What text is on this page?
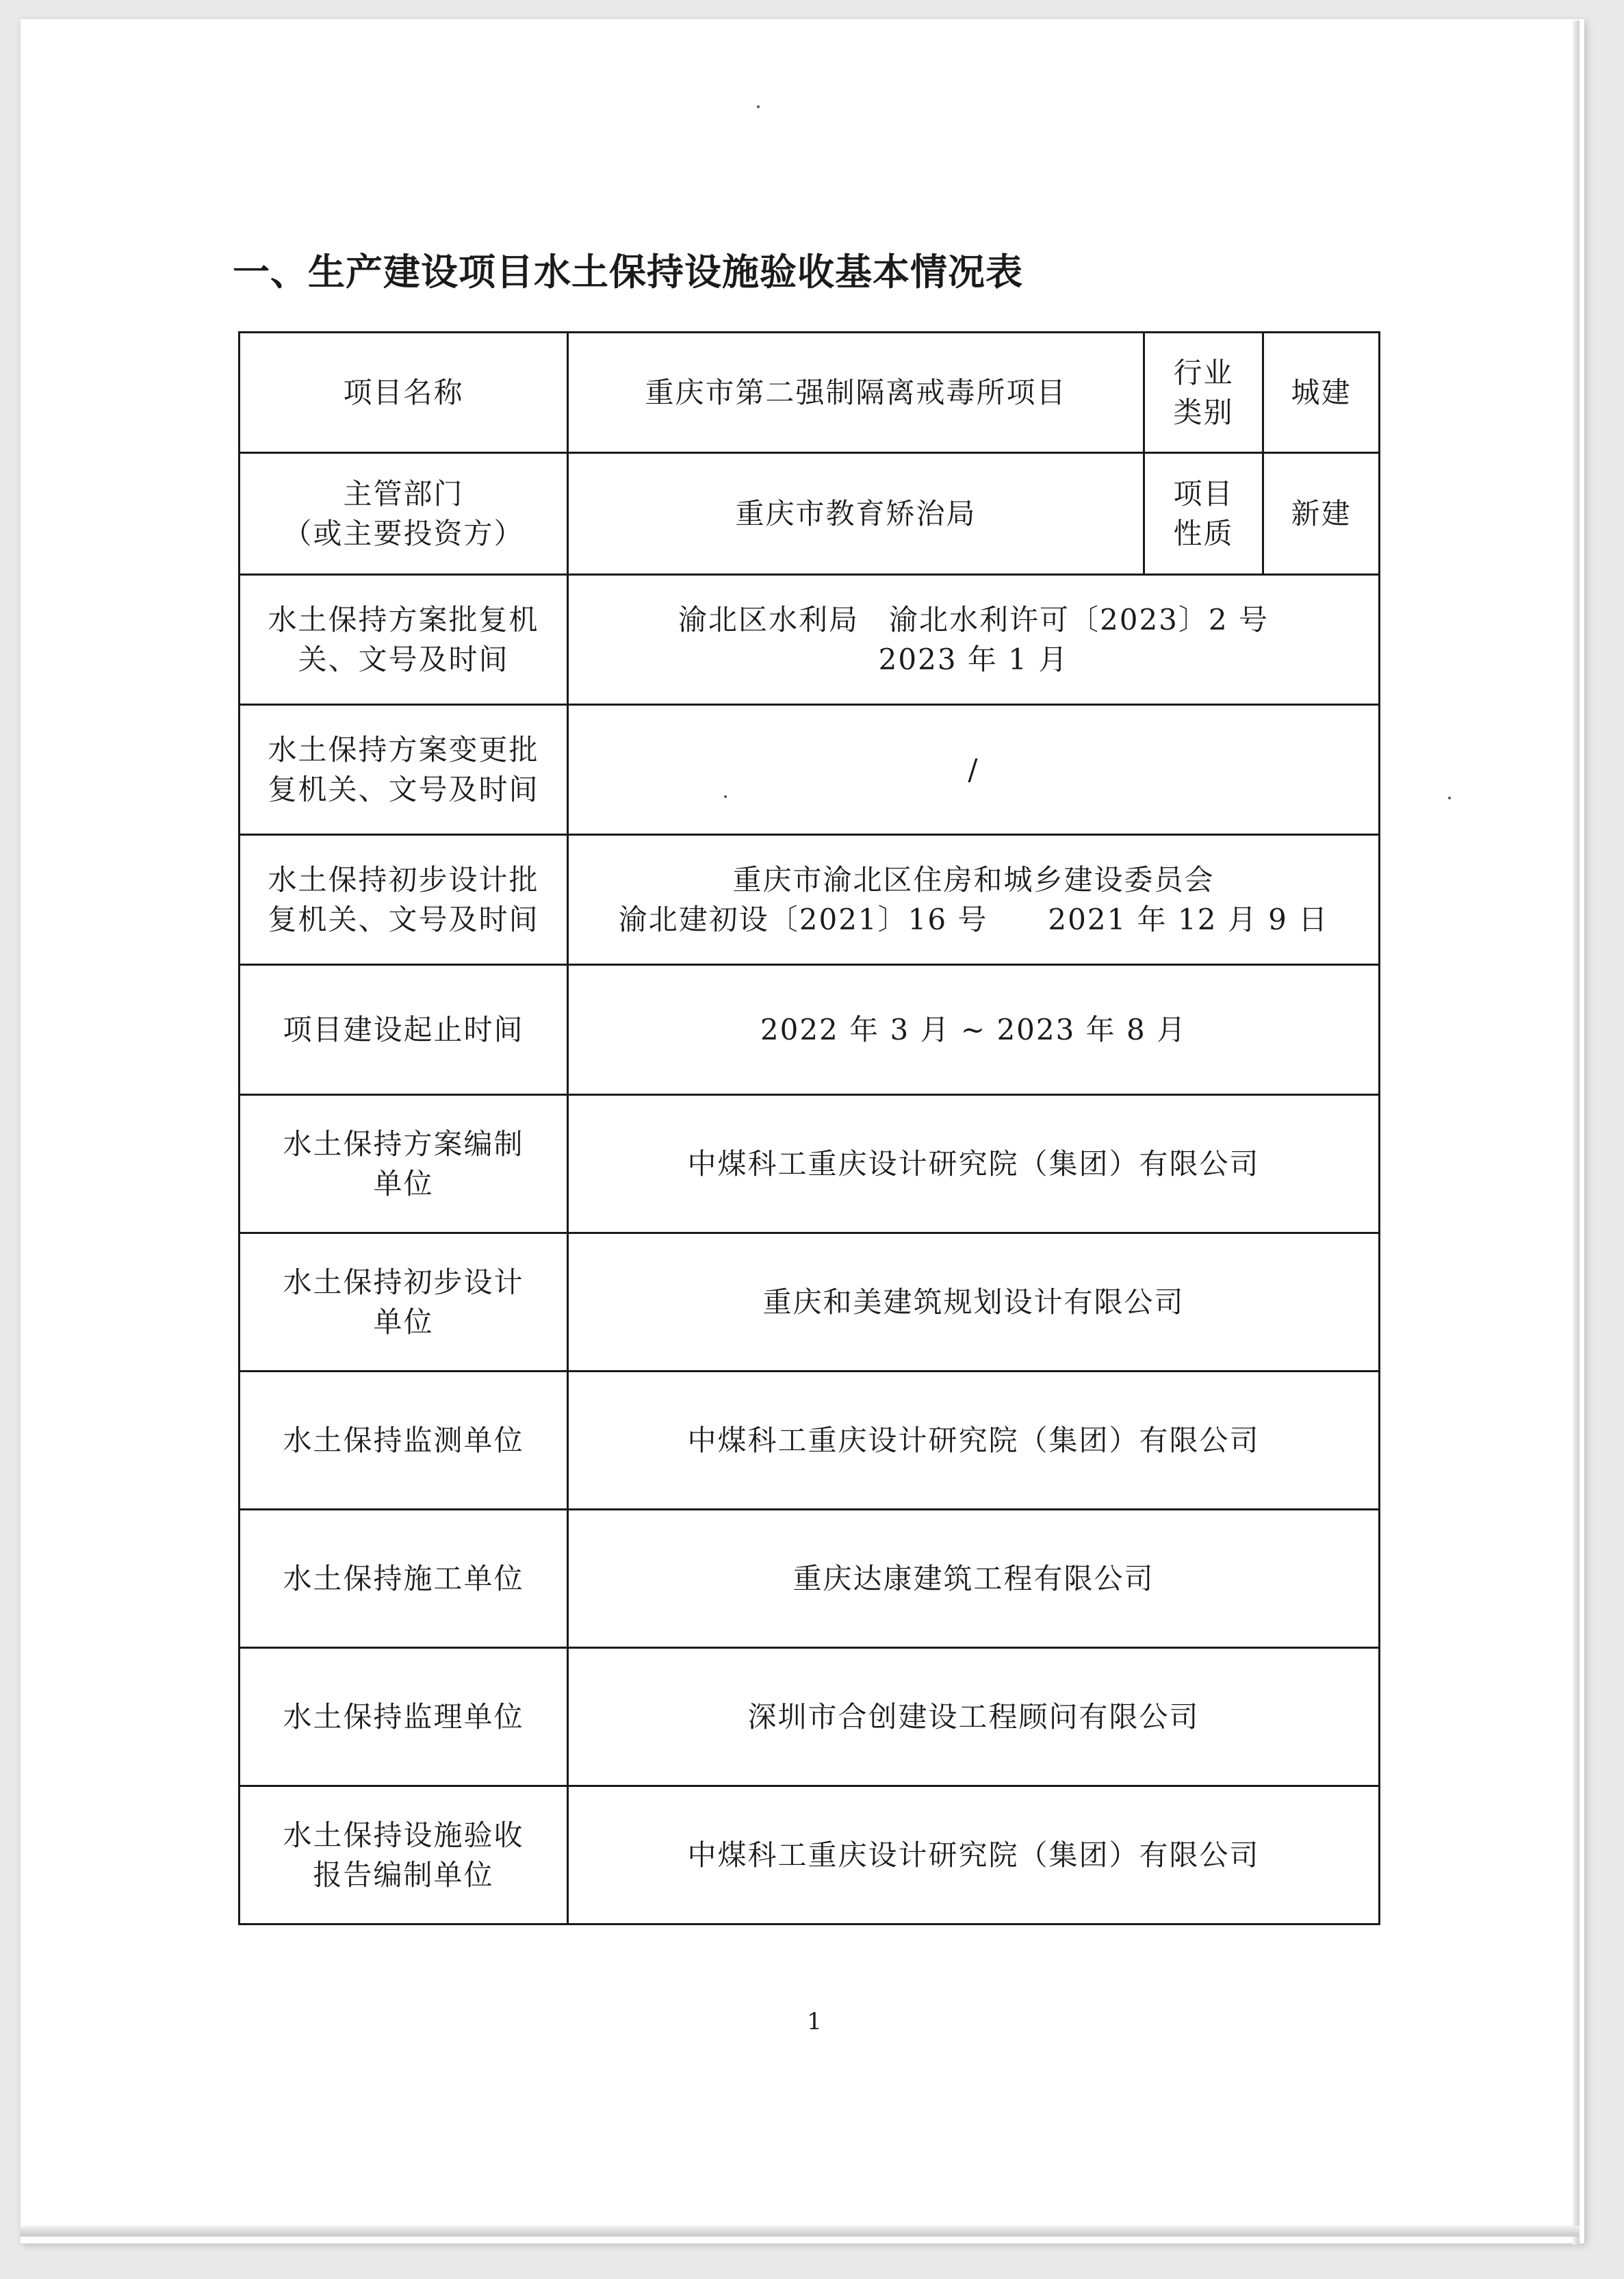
一、生产建设项目水土保持设施验收基本情况表
项目名称	重庆市第二强制隔离戒毒所项目	行业
类别	城建

主管部门
（或主要投资方）	重庆市教育矫治局	项目
性质	新建

水土保持方案批复机
关、文号及时间	渝北区水利局　渝北水利许可〔2023〕2 号
2023 年 1 月		

水土保持方案变更批
复机关、文号及时间	/		

水土保持初步设计批
复机关、文号及时间	重庆市渝北区住房和城乡建设委员会
渝北建初设〔2021〕16 号　　2021 年 12 月 9 日		

项目建设起止时间	2022 年 3 月 ~ 2023 年 8 月		

水土保持方案编制
单位	中煤科工重庆设计研究院（集团）有限公司		

水土保持初步设计
单位	重庆和美建筑规划设计有限公司		

水土保持监测单位	中煤科工重庆设计研究院（集团）有限公司		

水土保持施工单位	重庆达康建筑工程有限公司		

水土保持监理单位	深圳市合创建设工程顾问有限公司		

水土保持设施验收
报告编制单位	中煤科工重庆设计研究院（集团）有限公司		
1
